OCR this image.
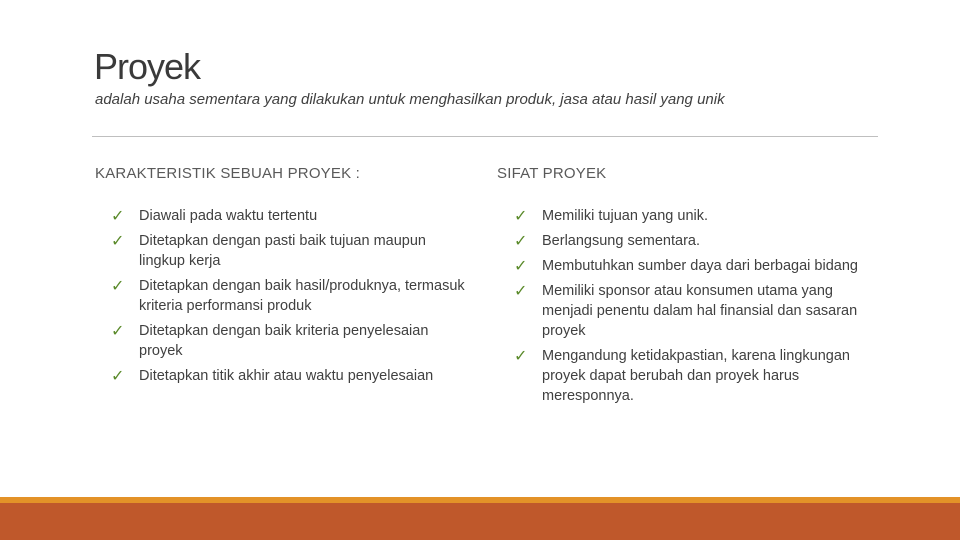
Proyek
adalah usaha sementara yang dilakukan untuk menghasilkan produk, jasa atau hasil yang unik
KARAKTERISTIK SEBUAH PROYEK :
✓ Diawali pada waktu tertentu
✓ Ditetapkan dengan pasti baik tujuan maupun lingkup kerja
✓ Ditetapkan dengan baik hasil/produknya, termasuk kriteria performansi produk
✓ Ditetapkan dengan baik kriteria penyelesaian proyek
✓ Ditetapkan titik akhir atau waktu penyelesaian
SIFAT PROYEK
✓ Memiliki tujuan yang unik.
✓ Berlangsung sementara.
✓ Membutuhkan sumber daya dari berbagai bidang
✓ Memiliki sponsor atau konsumen utama yang menjadi penentu dalam hal finansial dan sasaran proyek
✓ Mengandung ketidakpastian, karena lingkungan proyek dapat berubah dan proyek harus meresponnya.
